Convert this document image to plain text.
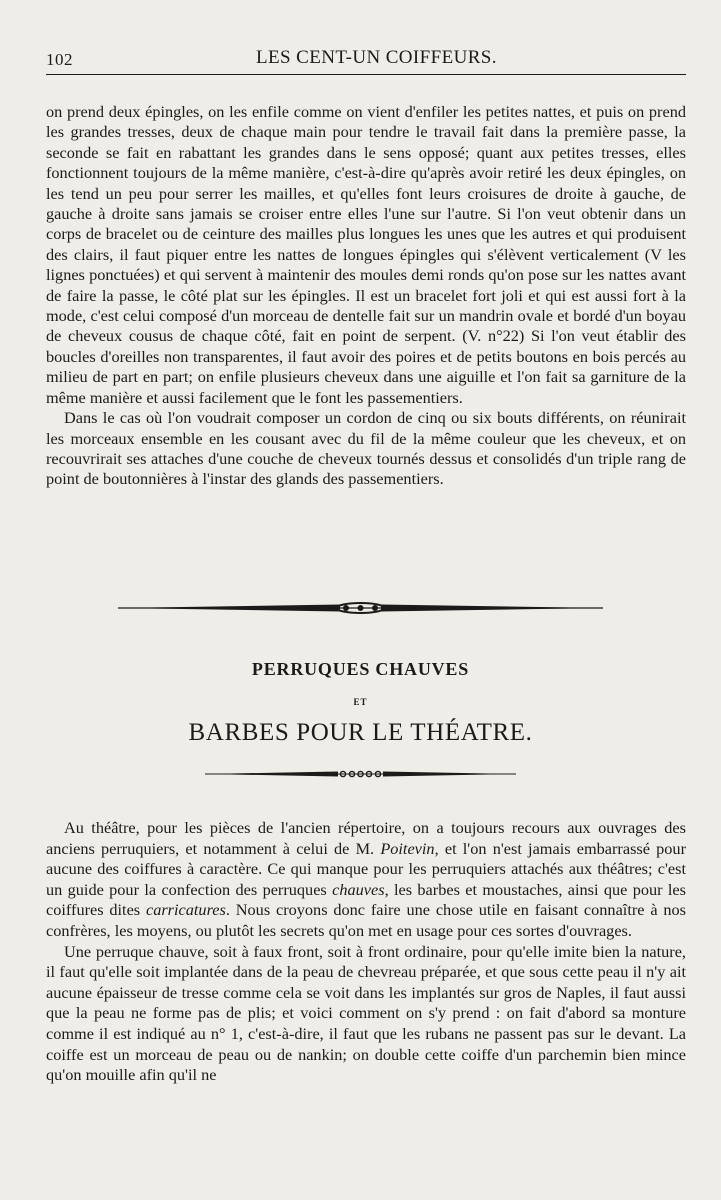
102	LES CENT-UN COIFFEURS.

on prend deux épingles, on les enfile comme on vient d'enfiler les petites nattes, et puis on prend les grandes tresses, deux de chaque main pour tendre le travail fait dans la première passe, la seconde se fait en rabattant les grandes dans le sens opposé; quant aux petites tresses, elles fonctionnent toujours de la même manière, c'est-à-dire qu'après avoir retiré les deux épingles, on les tend un peu pour serrer les mailles, et qu'elles font leurs croisures de droite à gauche, de gauche à droite sans jamais se croiser entre elles l'une sur l'autre. Si l'on veut obtenir dans un corps de bracelet ou de ceinture des mailles plus longues les unes que les autres et qui produisent des clairs, il faut piquer entre les nattes de longues épingles qui s'élèvent verticalement (V les lignes ponctuées) et qui servent à maintenir des moules demi ronds qu'on pose sur les nattes avant de faire la passe, le côté plat sur les épingles. Il est un bracelet fort joli et qui est aussi fort à la mode, c'est celui composé d'un morceau de dentelle fait sur un mandrin ovale et bordé d'un boyau de cheveux cousus de chaque côté, fait en point de serpent. (V. n°22) Si l'on veut établir des boucles d'oreilles non transparentes, il faut avoir des poires et de petits boutons en bois percés au milieu de part en part; on enfile plusieurs cheveux dans une aiguille et l'on fait sa garniture de la même manière et aussi facilement que le font les passementiers.

Dans le cas où l'on voudrait composer un cordon de cinq ou six bouts différents, on réunirait les morceaux ensemble en les cousant avec du fil de la même couleur que les cheveux, et on recouvrirait ses attaches d'une couche de cheveux tournés dessus et consolidés d'un triple rang de point de boutonnières à l'instar des glands des passementiers.

PERRUQUES CHAUVES
ET
BARBES POUR LE THÉATRE.

Au théâtre, pour les pièces de l'ancien répertoire, on a toujours recours aux ouvrages des anciens perruquiers, et notamment à celui de M. Poitevin, et l'on n'est jamais embarrassé pour aucune des coiffures à caractère. Ce qui manque pour les perruquiers attachés aux théâtres; c'est un guide pour la confection des perruques chauves, les barbes et moustaches, ainsi que pour les coiffures dites carricatures. Nous croyons donc faire une chose utile en faisant connaître à nos confrères, les moyens, ou plutôt les secrets qu'on met en usage pour ces sortes d'ouvrages.

Une perruque chauve, soit à faux front, soit à front ordinaire, pour qu'elle imite bien la nature, il faut qu'elle soit implantée dans de la peau de chevreau préparée, et que sous cette peau il n'y ait aucune épaisseur de tresse comme cela se voit dans les implantés sur gros de Naples, il faut aussi que la peau ne forme pas de plis; et voici comment on s'y prend : on fait d'abord sa monture comme il est indiqué au n° 1, c'est-à-dire, il faut que les rubans ne passent pas sur le devant. La coiffe est un morceau de peau ou de nankin; on double cette coiffe d'un parchemin bien mince qu'on mouille afin qu'il ne
